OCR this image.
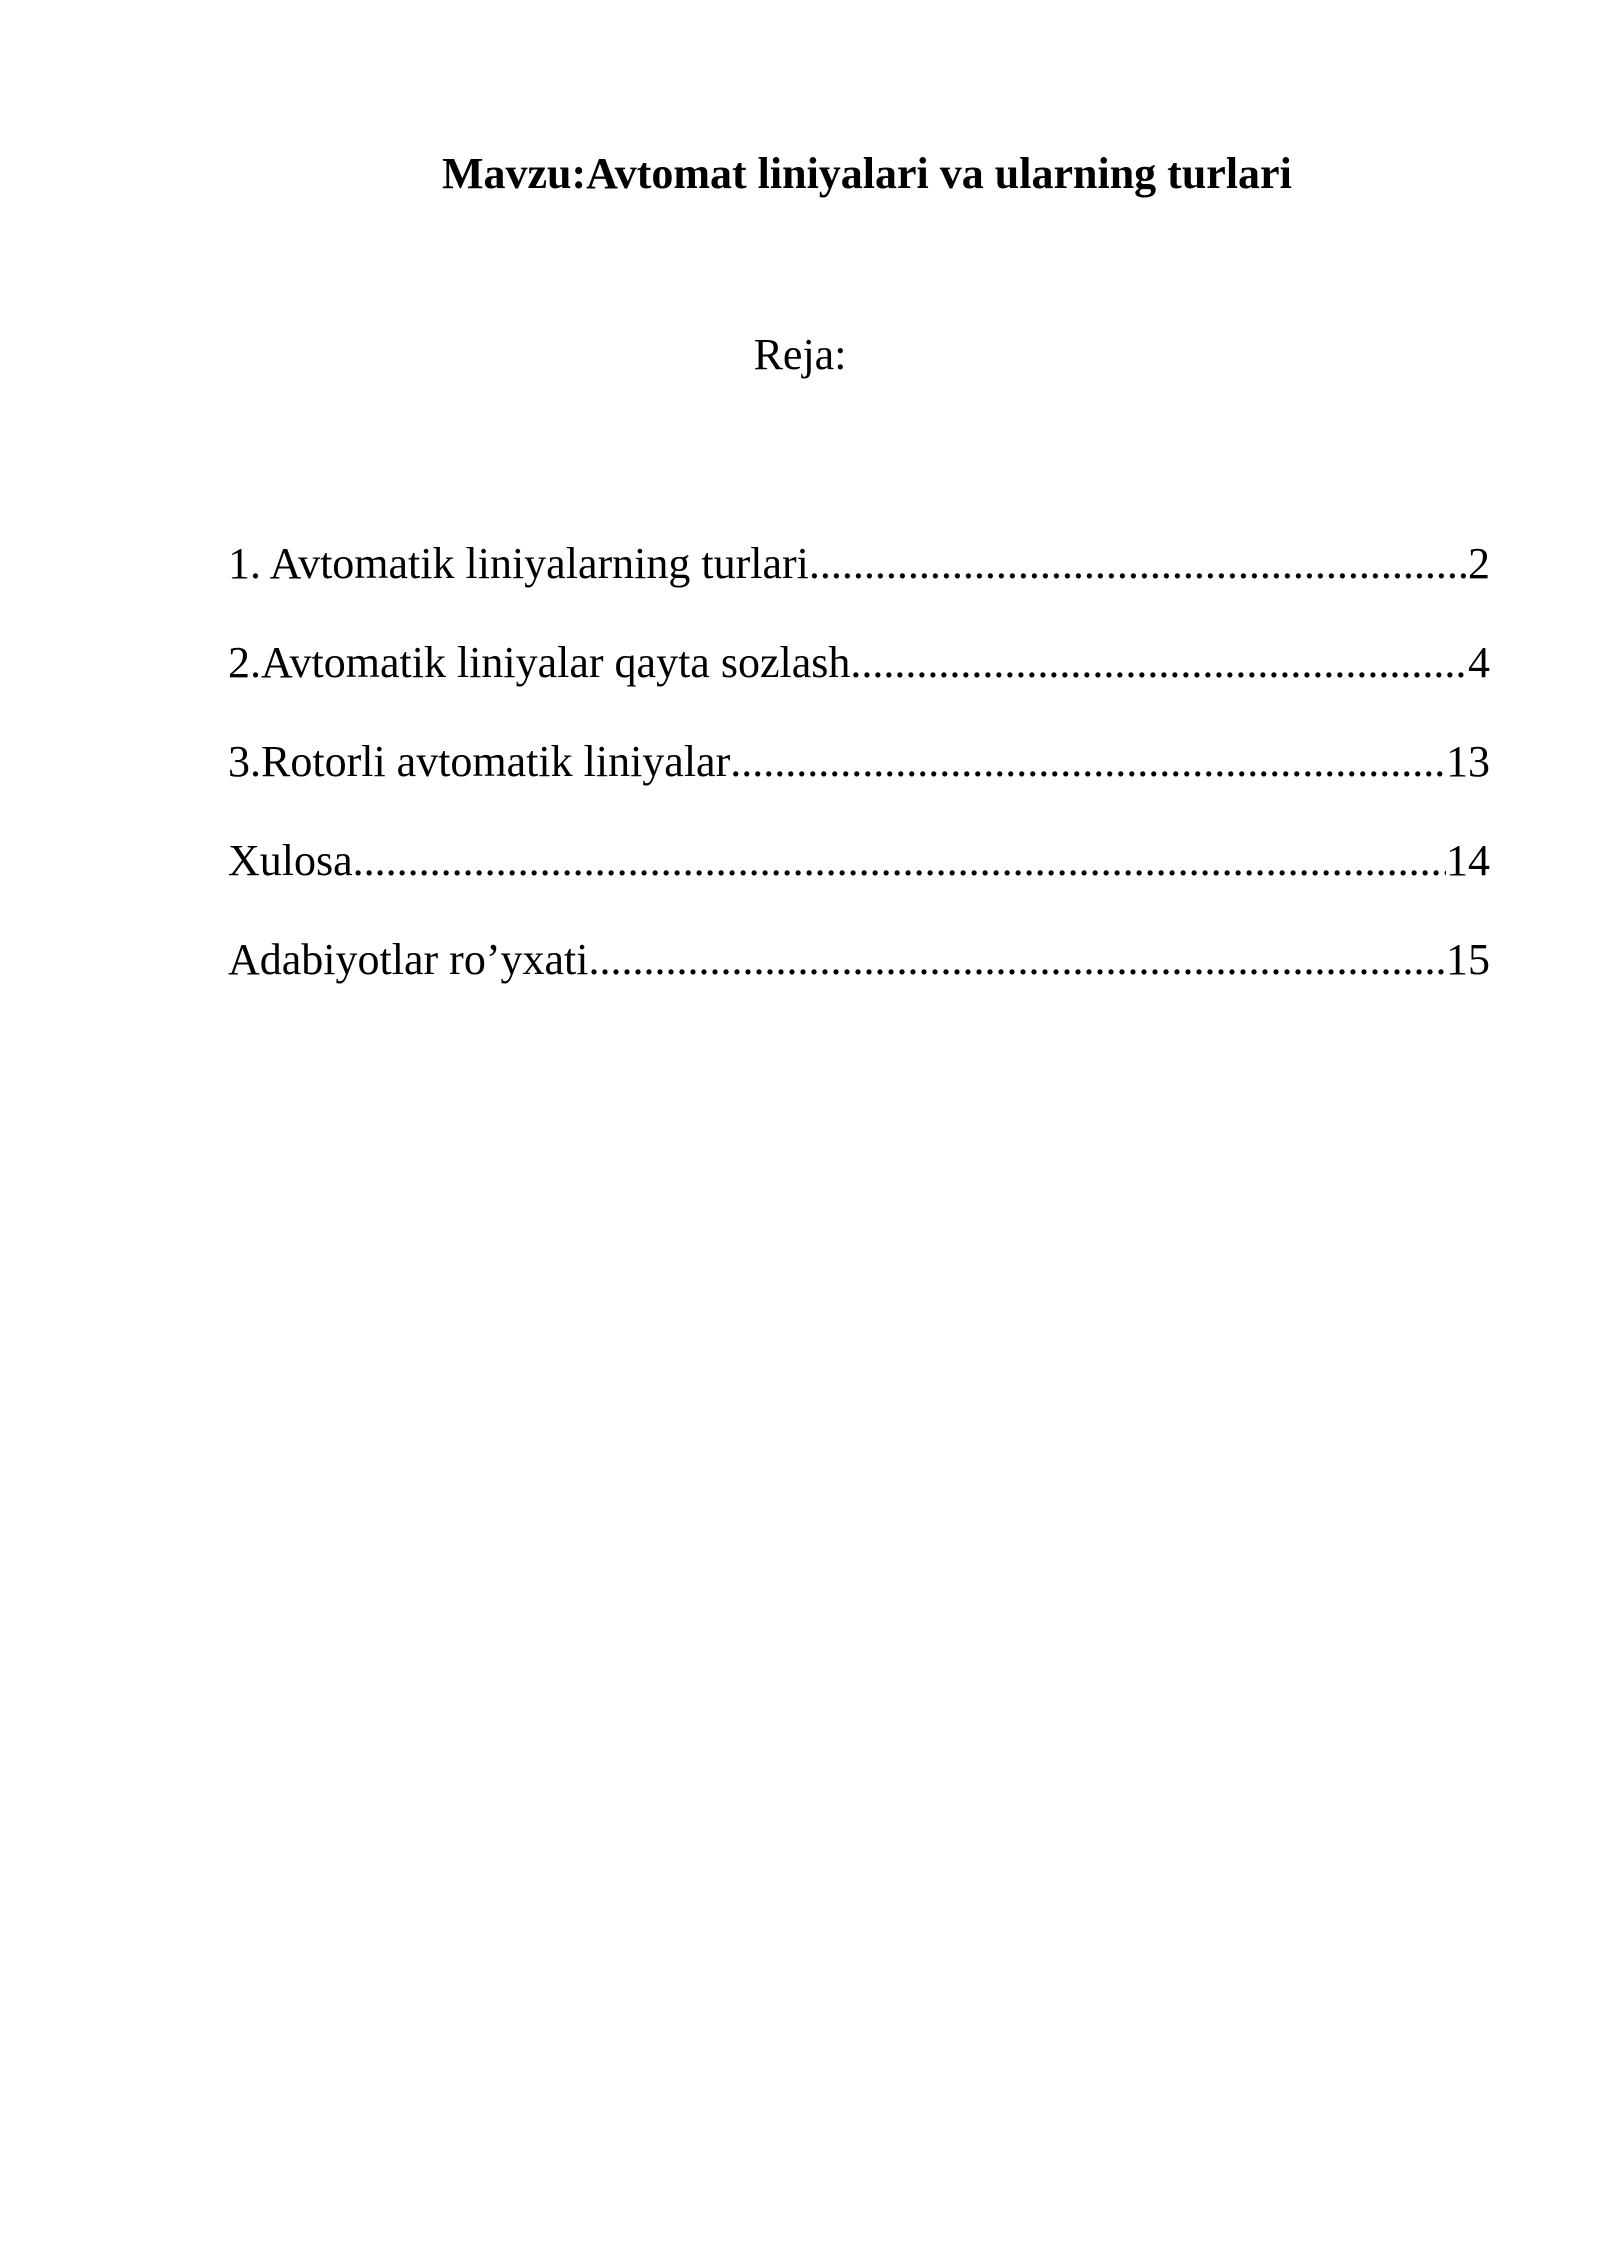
Mavzu:Avtomat liniyalari va ularning turlari
Reja:
1. Avtomatik liniyalarning turlari .....	2
2.Avtomatik liniyalar qayta sozlash .....	4
3.Rotorli avtomatik liniyalar .....	13
Xulosa .....	14
Adabiyotlar ro’yxati .....	15
